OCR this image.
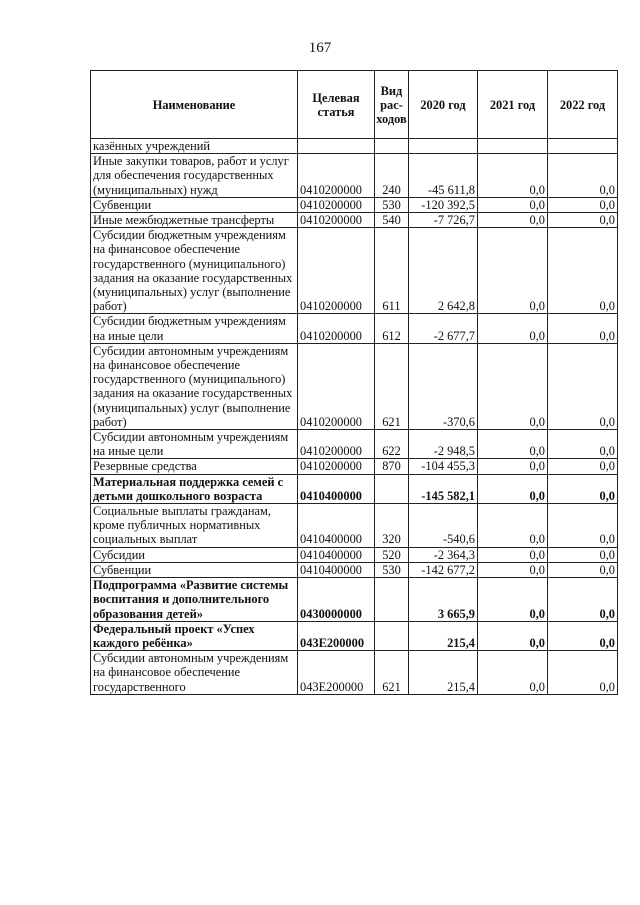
167
Наименование	Целевая статья	Вид рас-ходов	2020 год	2021 год	2022 год
казённых учреждений					
Иные закупки товаров, работ и услуг для обеспечения государственных (муниципальных) нужд	0410200000	240	-45 611,8	0,0	0,0
Субвенции	0410200000	530	-120 392,5	0,0	0,0
Иные межбюджетные трансферты	0410200000	540	-7 726,7	0,0	0,0
Субсидии бюджетным учреждениям на финансовое обеспечение государственного (муниципального) задания на оказание государственных (муниципальных) услуг (выполнение работ)	0410200000	611	2 642,8	0,0	0,0
Субсидии бюджетным учреждениям на иные цели	0410200000	612	-2 677,7	0,0	0,0
Субсидии автономным учреждениям на финансовое обеспечение государственного (муниципального) задания на оказание государственных (муниципальных) услуг (выполнение работ)	0410200000	621	-370,6	0,0	0,0
Субсидии автономным учреждениям на иные цели	0410200000	622	-2 948,5	0,0	0,0
Резервные средства	0410200000	870	-104 455,3	0,0	0,0
Материальная поддержка семей с детьми дошкольного возраста	0410400000		-145 582,1	0,0	0,0
Социальные выплаты гражданам, кроме публичных нормативных социальных выплат	0410400000	320	-540,6	0,0	0,0
Субсидии	0410400000	520	-2 364,3	0,0	0,0
Субвенции	0410400000	530	-142 677,2	0,0	0,0
Подпрограмма «Развитие системы воспитания и дополнительного образования детей»	0430000000		3 665,9	0,0	0,0
Федеральный проект «Успех каждого ребёнка»	043E200000		215,4	0,0	0,0
Субсидии автономным учреждениям на финансовое обеспечение государственного	043E200000	621	215,4	0,0	0,0
